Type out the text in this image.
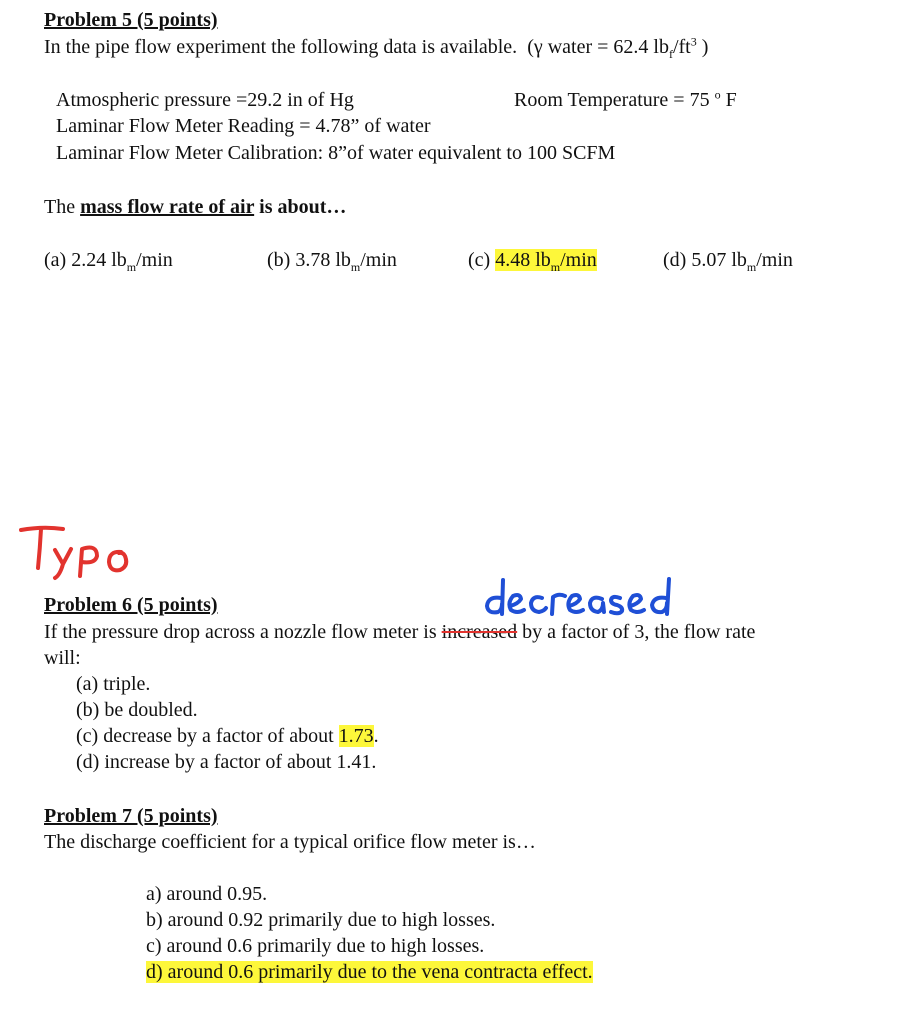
Problem 5 (5 points)
In the pipe flow experiment the following data is available. (γ water = 62.4 $lb_f/ft^3$ )
Atmospheric pressure =29.2 in of Hg	Room Temperature = 75 $^o$ F
Laminar Flow Meter Reading = 4.78” of water
Laminar Flow Meter Calibration: 8”of water equivalent to 100 SCFM
The mass flow rate of air is about…
(a) 2.24 $lb_m/\min$	(b) 3.78 $lb_m/\min$	(c) 4.48 $lb_m/\min$	(d) 5.07 $lb_m/\min$
Problem 6 (5 points)
If the pressure drop across a nozzle flow meter is increased by a factor of 3, the flow rate
will:
(a) triple.
(b) be doubled.
(c) decrease by a factor of about 1.73.
(d) increase by a factor of about 1.41.
Problem 7 (5 points)
The discharge coefficient for a typical orifice flow meter is…
a) around 0.95.
b) around 0.92 primarily due to high losses.
c) around 0.6 primarily due to high losses.
d) around 0.6 primarily due to the vena contracta effect.
